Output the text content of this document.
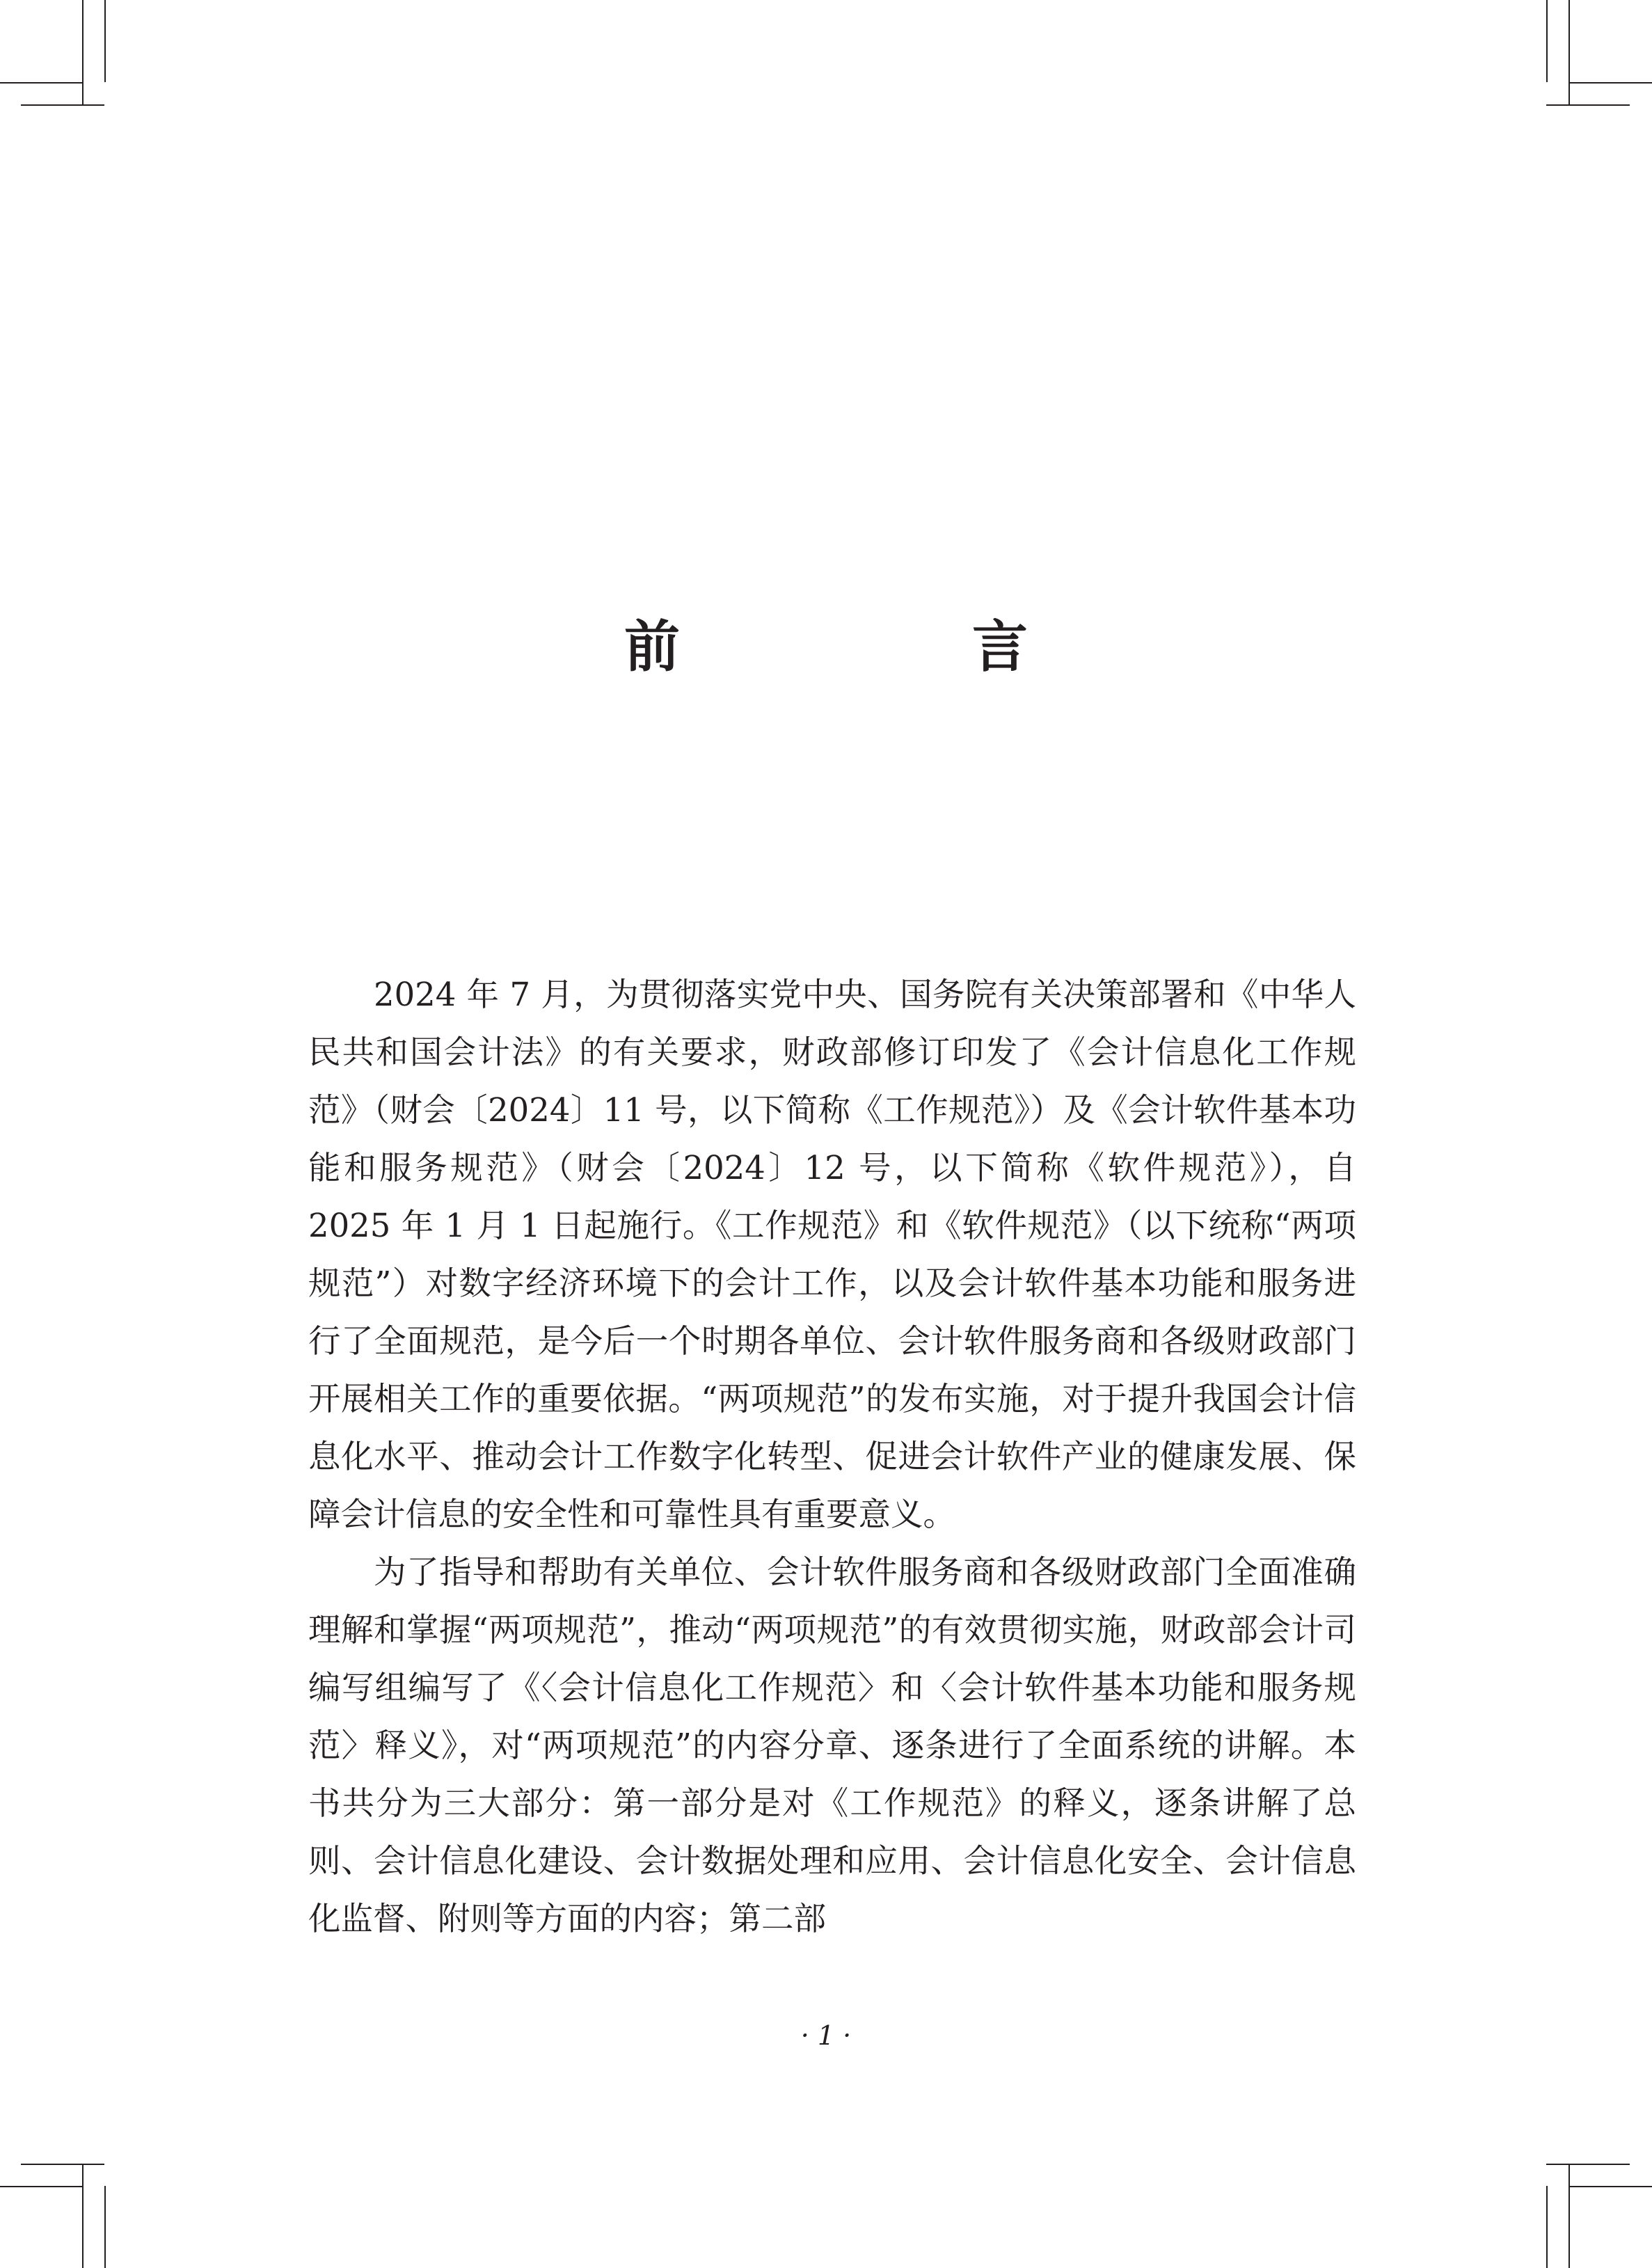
前　言

2024 年 7 月，为贯彻落实党中央、国务院有关决策部署和《中华人民共和国会计法》的有关要求，财政部修订印发了《会计信息化工作规范》（财会〔2024〕11 号，以下简称《工作规范》）及《会计软件基本功能和服务规范》（财会〔2024〕12 号，以下简称《软件规范》），自 2025 年 1 月 1 日起施行。《工作规范》和《软件规范》（以下统称“两项规范”）对数字经济环境下的会计工作，以及会计软件基本功能和服务进行了全面规范，是今后一个时期各单位、会计软件服务商和各级财政部门开展相关工作的重要依据。“两项规范”的发布实施，对于提升我国会计信息化水平、推动会计工作数字化转型、促进会计软件产业的健康发展、保障会计信息的安全性和可靠性具有重要意义。

为了指导和帮助有关单位、会计软件服务商和各级财政部门全面准确理解和掌握“两项规范”，推动“两项规范”的有效贯彻实施，财政部会计司编写组编写了《〈会计信息化工作规范〉和〈会计软件基本功能和服务规范〉释义》，对“两项规范”的内容分章、逐条进行了全面系统的讲解。本书共分为三大部分：第一部分是对《工作规范》的释义，逐条讲解了总则、会计信息化建设、会计数据处理和应用、会计信息化安全、会计信息化监督、附则等方面的内容；第二部

· 1 ·
